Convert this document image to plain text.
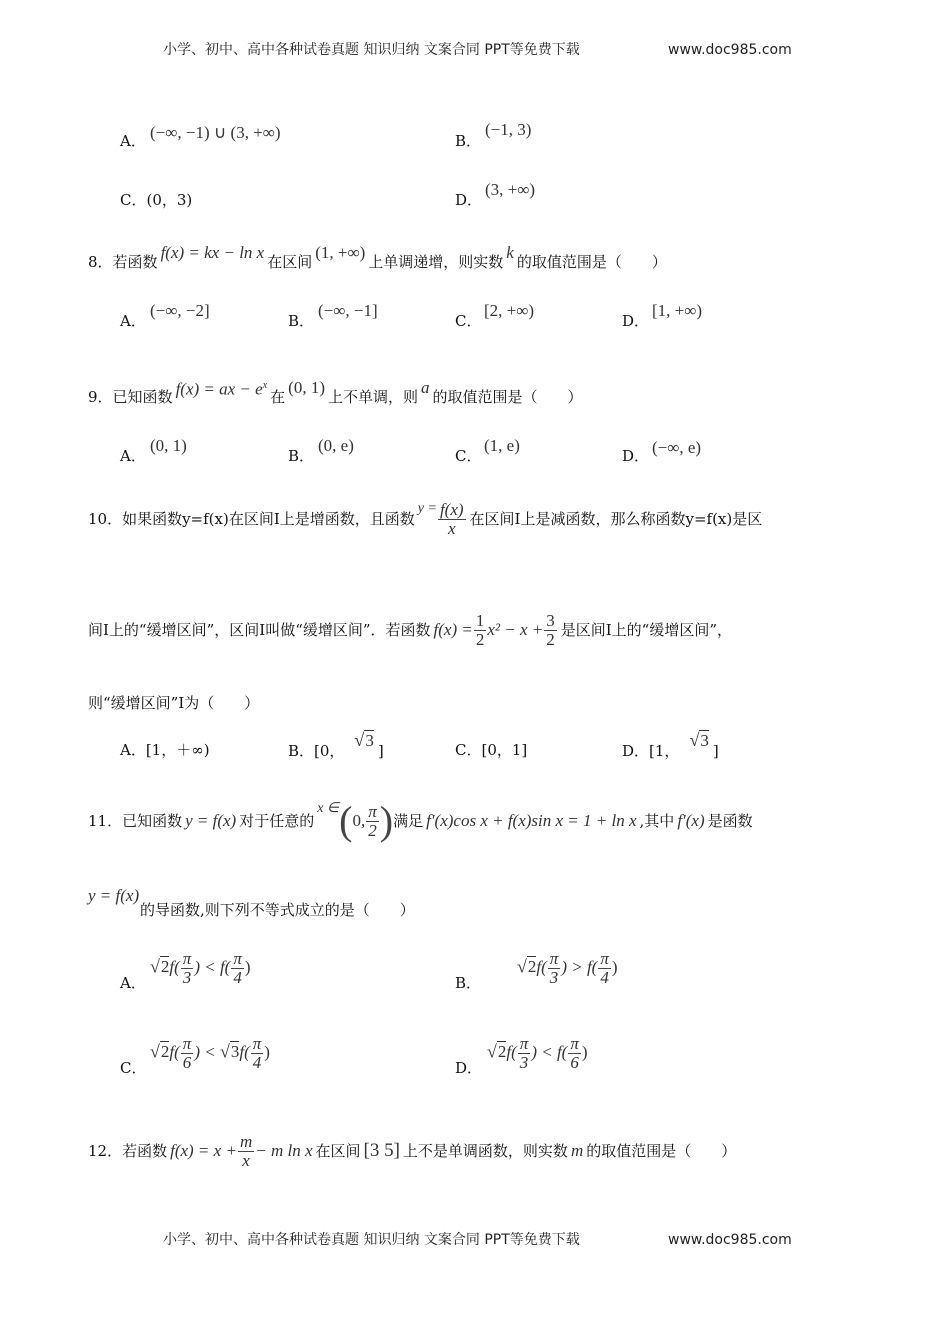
小学、初中、高中各种试卷真题 知识归纳 文案合同 PPT等免费下载	www.doc985.com
A． (−∞, −1) ∪ (3, +∞)	B．
(−1, 3)
C．(0，3)	D．
(3, +∞)
8． 若函数 f(x) = kx − ln x 在区间 (1, +∞) 上单调递增，则实数 k 的取值范围是（　　）
A．
(−∞, −2]
B．
(−∞, −1]
C．
[2, +∞)
D．
[1, +∞)
9． 已知函数 f(x) = ax − $e^x$
在 (0, 1) 上不单调，则 a 的取值范围是（　　）
A．
(0, 1)
B．
(0, e)
C．
(1, e)
D． (−∞, e)
10．如果函数y=f(x)在区间I上是增函数，且函数
$y = \frac{f(x)}{x}$ 在区间I上是减函数，那么称函数y=f(x)是区
间I上的“缓增区间”，区间I叫做“缓增区间”．若函数 $f(x) = \frac{1}{2} x^2 - x + \frac{3}{2}$ 是区间I上的“缓增区间”，
则“缓增区间”I为（　　）
A．[1，＋∞)	B．[0，√3]	C．[0，1]	D．[1，√3]
11．已知函数 y = f(x) 对于任意的
x ∈ ( 0, $\frac{\pi}{2}$ ) 满足 f′(x)cos x + f(x)sin x = 1 + ln x ,其中 f′(x) 是函数
y = f(x)
的导函数,则下列不等式成立的是（　　）
A．
$√2f( \frac{\pi}{3}$ ) < $f( \frac{\pi}{4}$ )
B．
$√2f( \frac{\pi}{3}$ ) > $f( \frac{\pi}{4}$ )
C．
$√2f( \frac{\pi}{6}$ ) < $√3f( \frac{\pi}{4}$ )
D．
$√2f( \frac{\pi}{3}$ ) < $f( \frac{\pi}{6}$ )
12．若函数 $f(x) = x + \frac{m}{x} - m$ ln x 在区间 [3 5] 上不是单调函数，则实数 m 的取值范围是（　　）
小学、初中、高中各种试卷真题 知识归纳 文案合同 PPT等免费下载	www.doc985.com
